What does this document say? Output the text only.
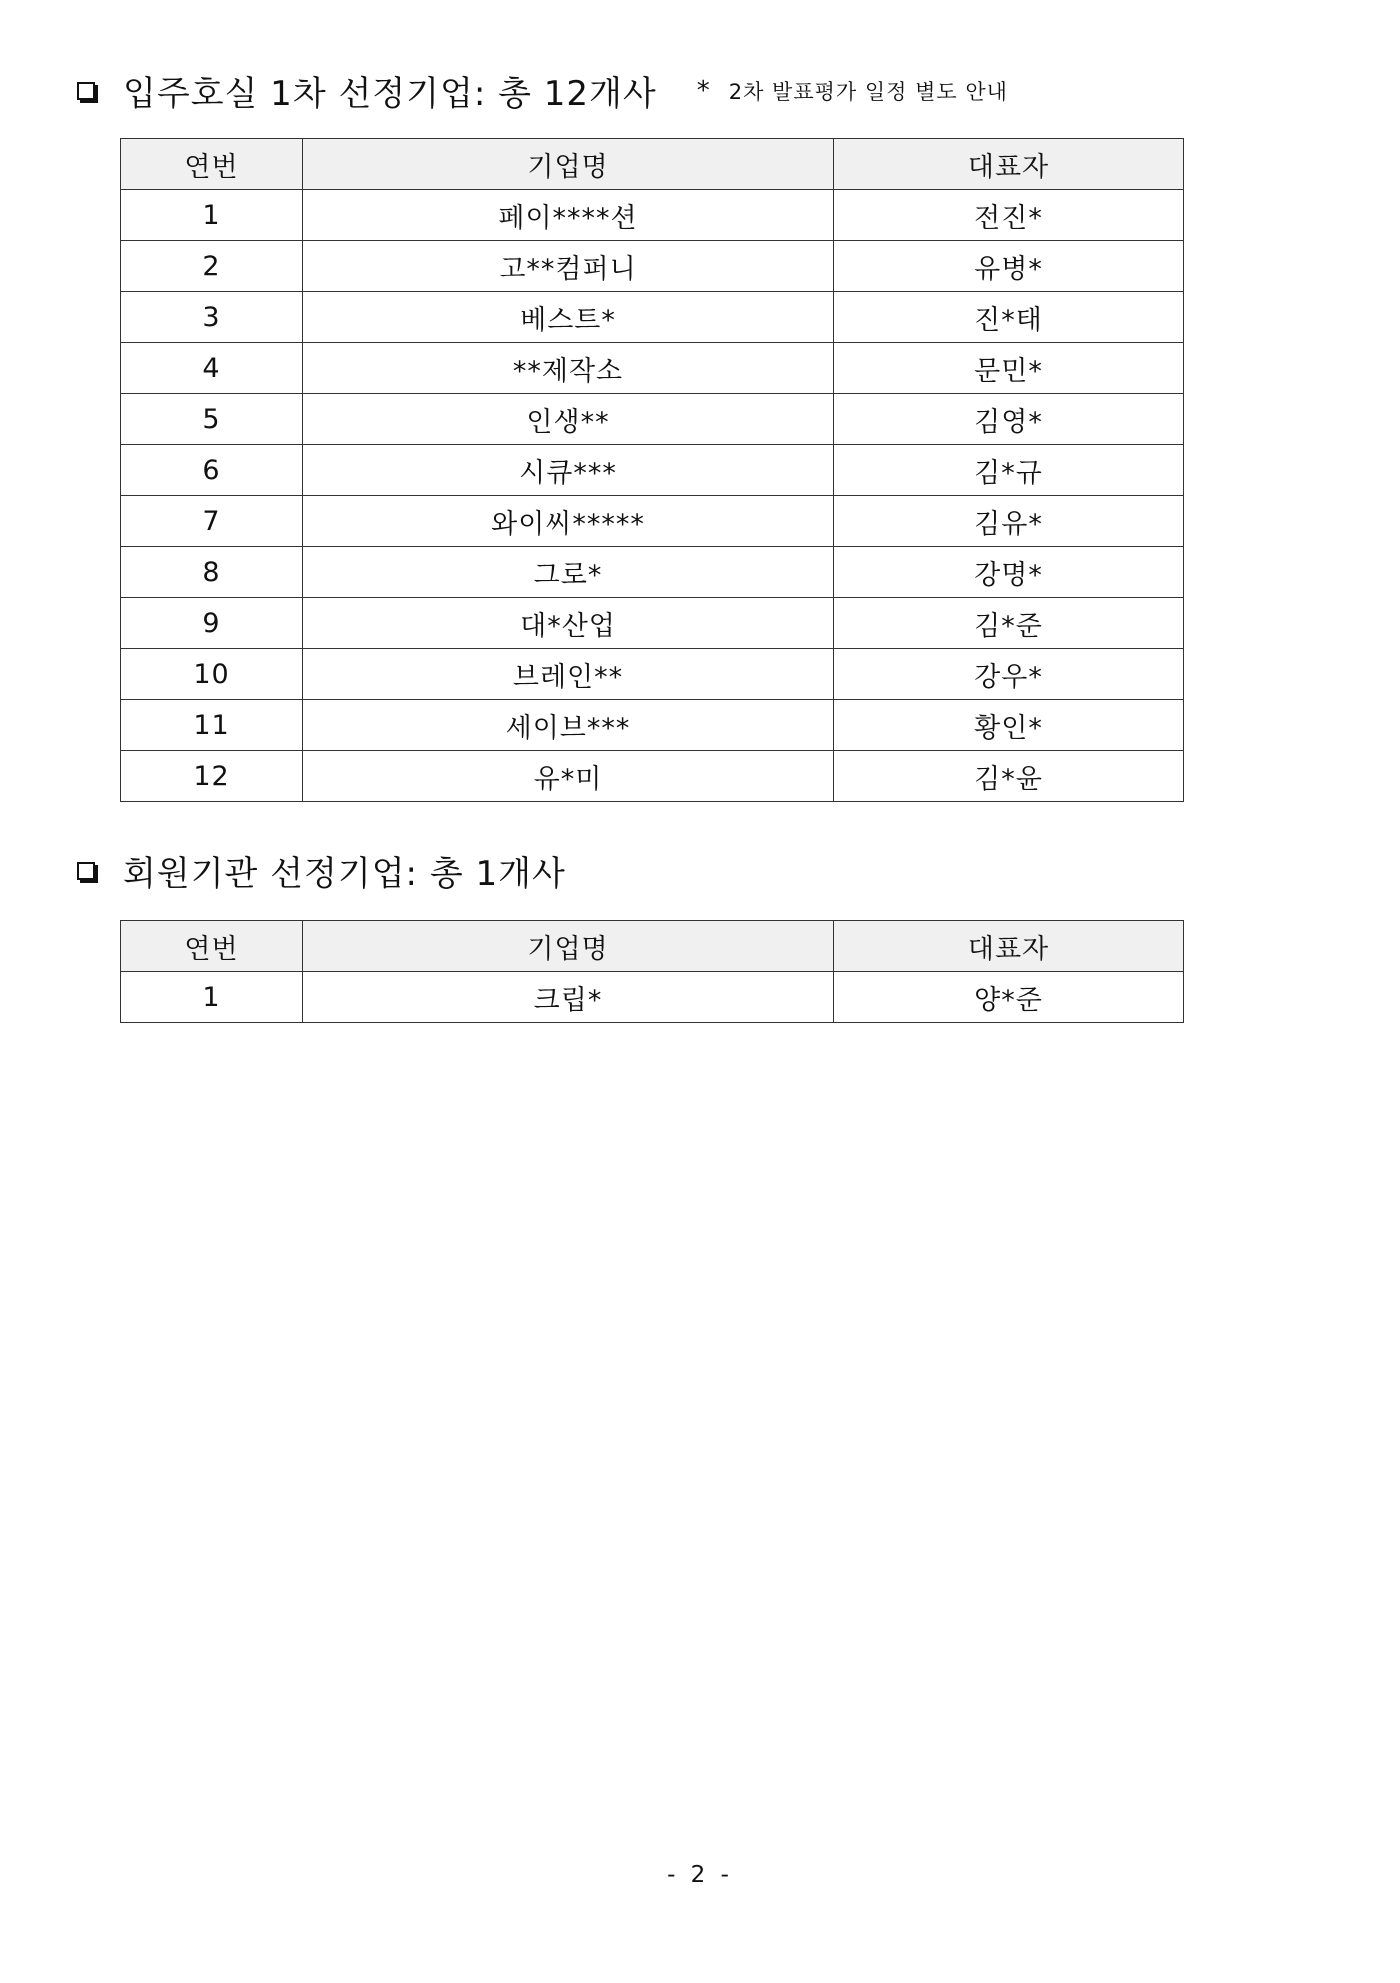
입주호실 1차 선정기업: 총 12개사 * 2차 발표평가 일정 별도 안내
연번	기업명	대표자
1	페이****션	전진*
2	고**컴퍼니	유병*
3	베스트*	진*태
4	**제작소	문민*
5	인생**	김영*
6	시큐***	김*규
7	와이씨*****	김유*
8	그로*	강명*
9	대*산업	김*준
10	브레인**	강우*
11	세이브***	황인*
12	유*미	김*윤
회원기관 선정기업: 총 1개사
연번	기업명	대표자
1	크립*	양*준
- 2 -
